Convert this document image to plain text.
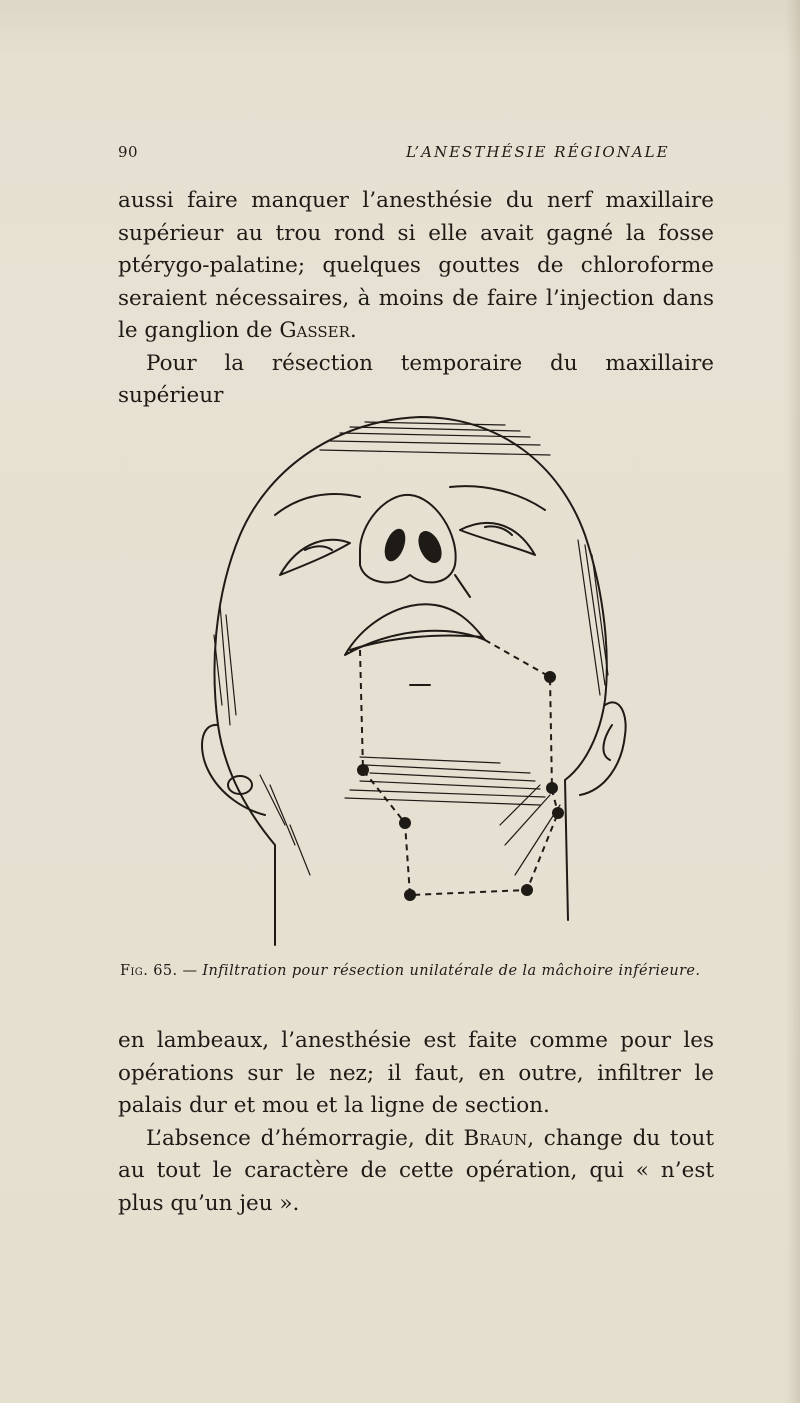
90	L’ANESTHÉSIE RÉGIONALE

aussi faire manquer l’anesthésie du nerf maxillaire supérieur au trou rond si elle avait gagné la fosse ptérygo-palatine; quelques gouttes de chloroforme seraient nécessaires, à moins de faire l’injection dans le ganglion de Gasser.

Pour la résection temporaire du maxillaire supérieur

Fig. 65. — Infiltration pour résection unilatérale de la mâchoire inférieure.

en lambeaux, l’anesthésie est faite comme pour les opérations sur le nez; il faut, en outre, infiltrer le palais dur et mou et la ligne de section.

L’absence d’hémorragie, dit Braun, change du tout au tout le caractère de cette opération, qui « n’est plus qu’un jeu ».
